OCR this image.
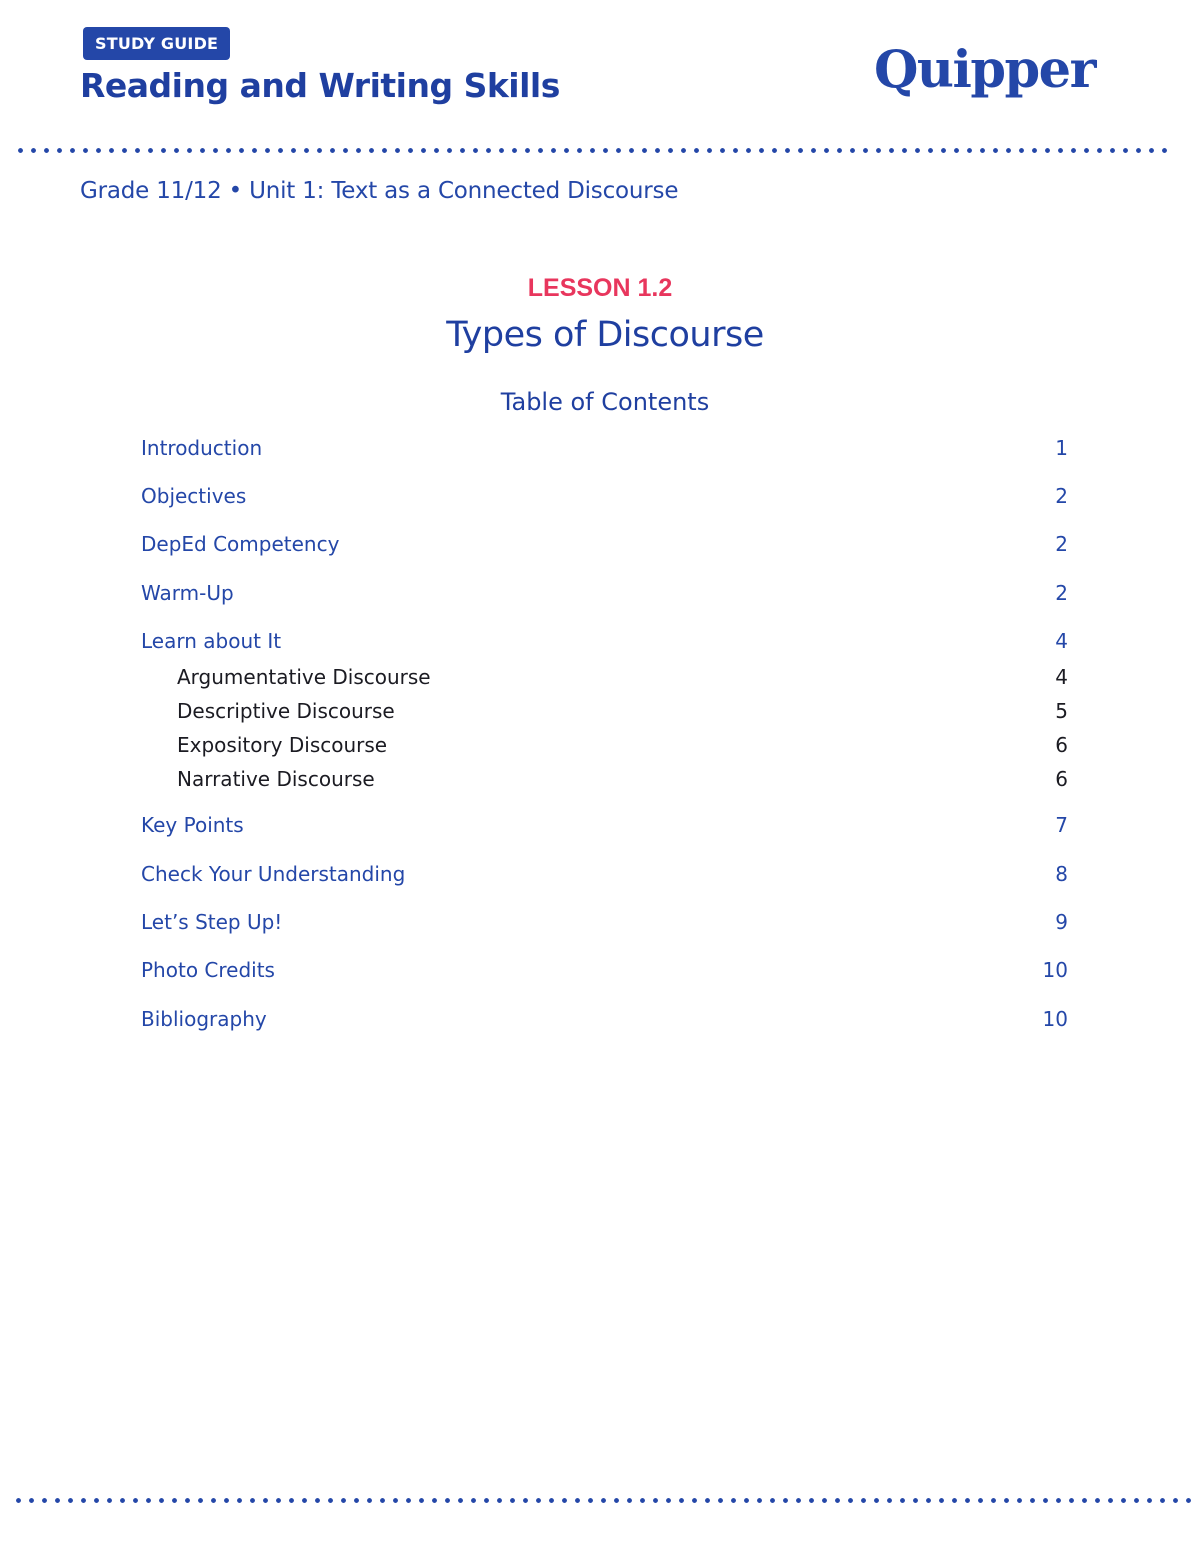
STUDY GUIDE
Reading and Writing Skills	Quipper
Grade 11/12 • Unit 1: Text as a Connected Discourse
LESSON 1.2
Types of Discourse
Table of Contents
Introduction	1
Objectives	2
DepEd Competency	2
Warm-Up	2
Learn about It	4
Argumentative Discourse	4
Descriptive Discourse	5
Expository Discourse	6
Narrative Discourse	6
Key Points	7
Check Your Understanding	8
Let’s Step Up!	9
Photo Credits	10
Bibliography	10
